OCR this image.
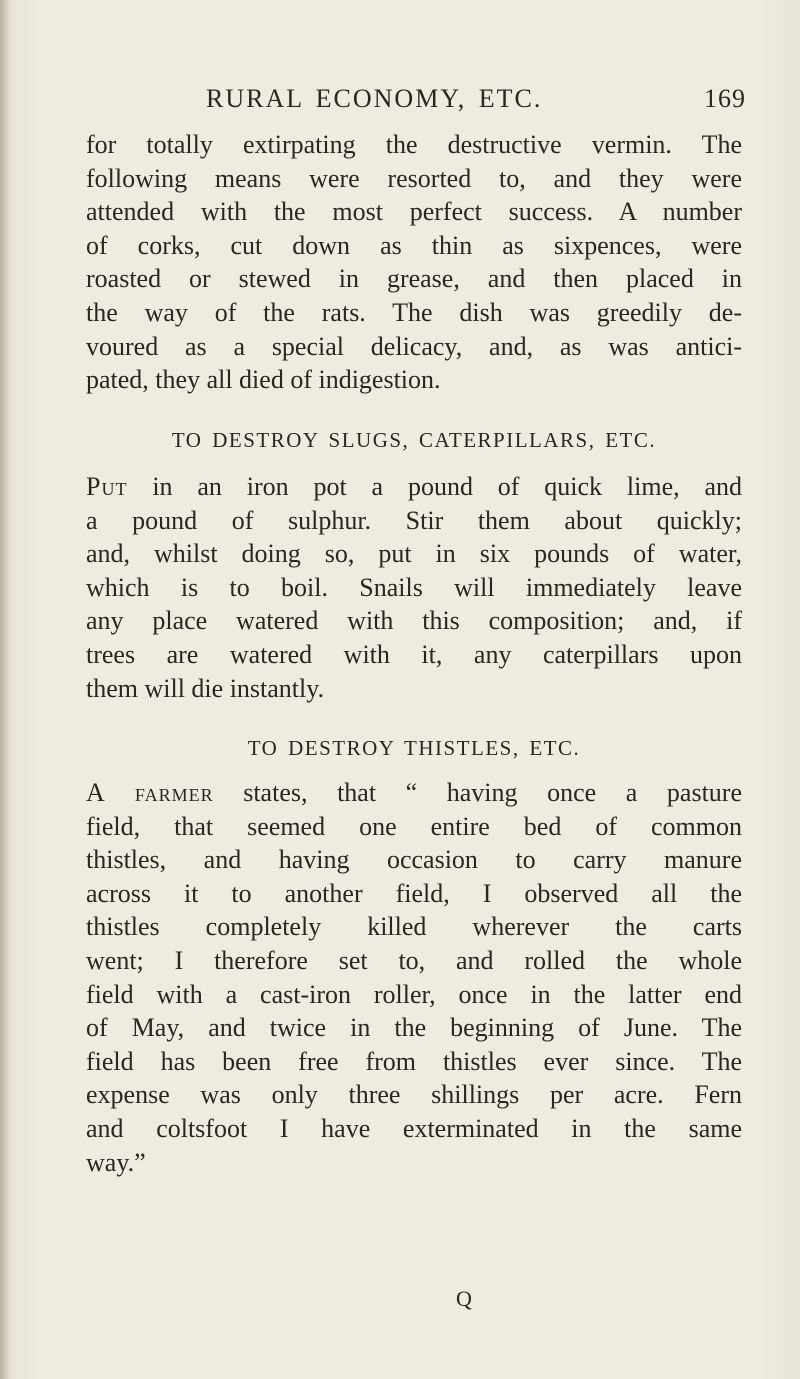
RURAL ECONOMY, ETC.	169
for totally extirpating the destructive vermin. The
following means were resorted to, and they were
attended with the most perfect success. A number
of corks, cut down as thin as sixpences, were
roasted or stewed in grease, and then placed in
the way of the rats. The dish was greedily de-
voured as a special delicacy, and, as was antici-
pated, they all died of indigestion.
TO DESTROY SLUGS, CATERPILLARS, ETC.
Put in an iron pot a pound of quick lime, and
a pound of sulphur. Stir them about quickly;
and, whilst doing so, put in six pounds of water,
which is to boil. Snails will immediately leave
any place watered with this composition; and, if
trees are watered with it, any caterpillars upon
them will die instantly.
TO DESTROY THISTLES, ETC.
A farmer states, that “ having once a pasture
field, that seemed one entire bed of common
thistles, and having occasion to carry manure
across it to another field, I observed all the
thistles completely killed wherever the carts
went; I therefore set to, and rolled the whole
field with a cast-iron roller, once in the latter end
of May, and twice in the beginning of June. The
field has been free from thistles ever since. The
expense was only three shillings per acre. Fern
and coltsfoot I have exterminated in the same
way.”
Q
